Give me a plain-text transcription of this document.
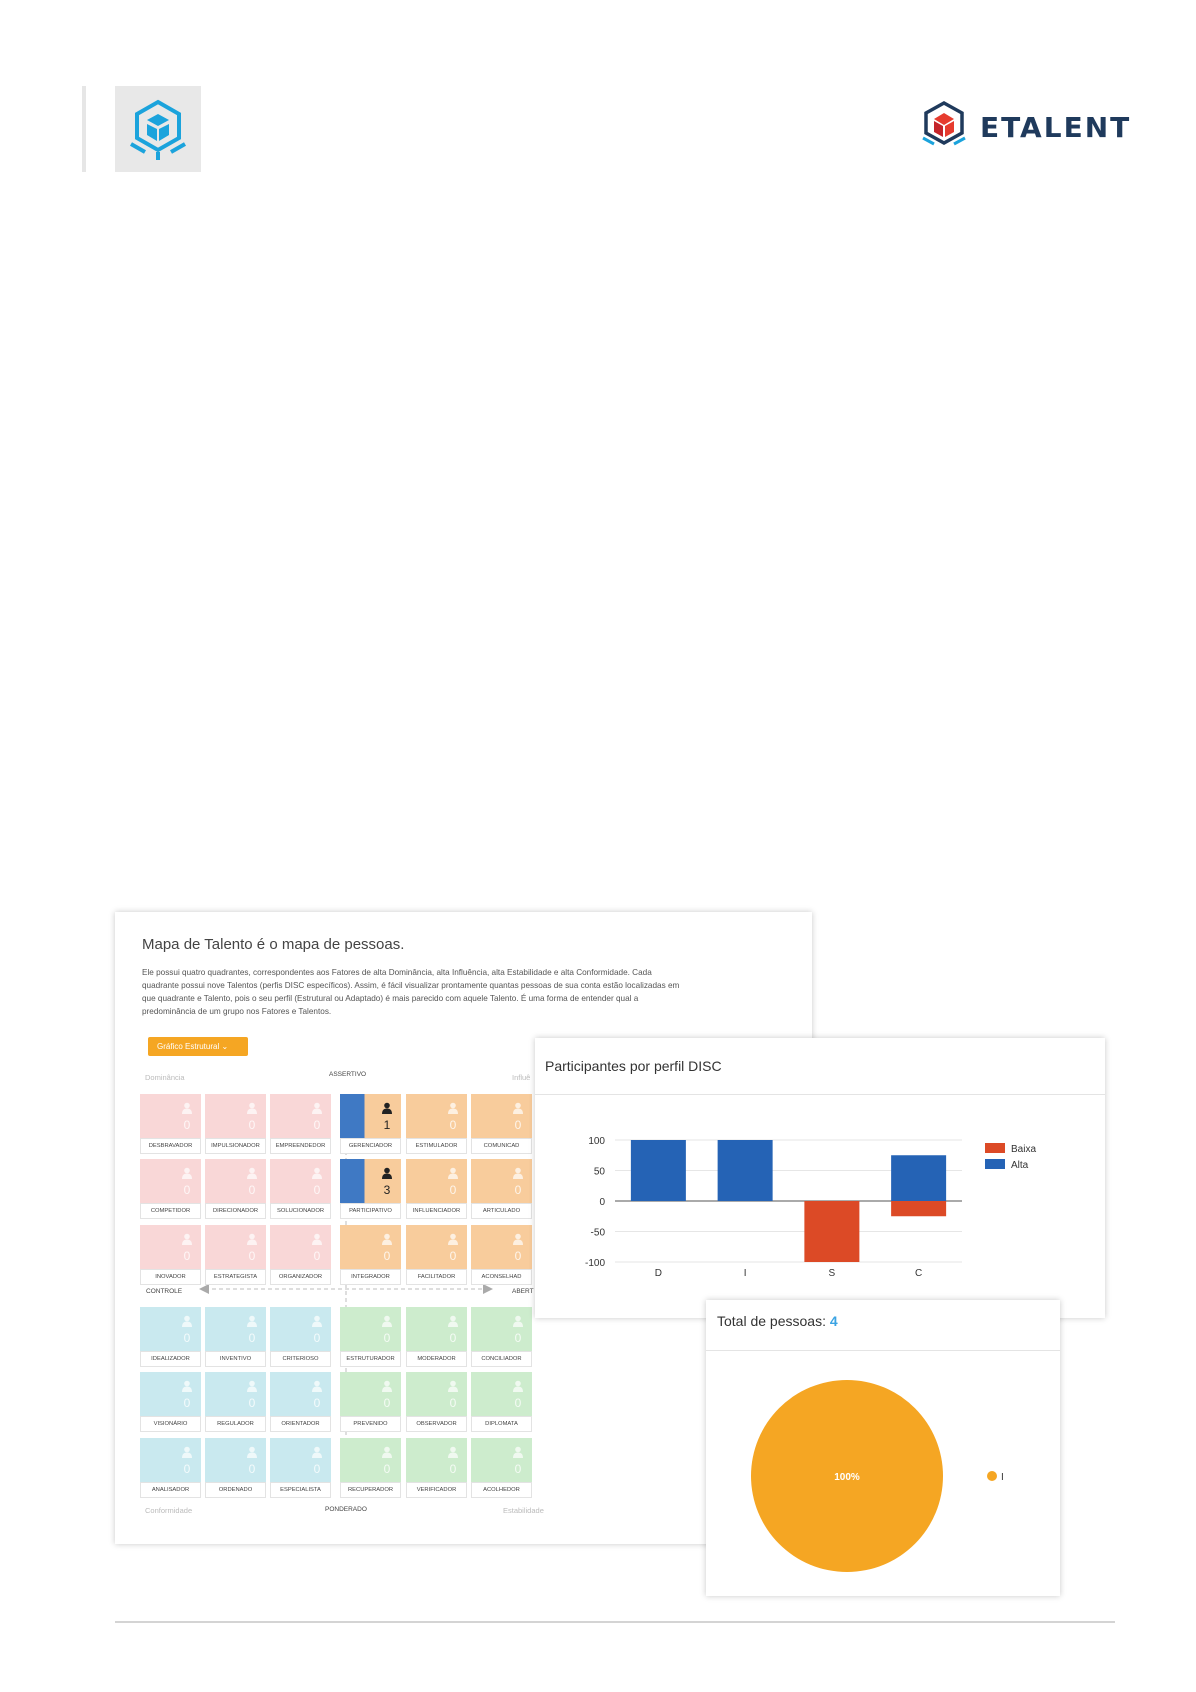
ETALENT
Mapa de Talento é o mapa de pessoas.
Ele possui quatro quadrantes, correspondentes aos Fatores de alta Dominância, alta Influência, alta Estabilidade e alta Conformidade. Cada quadrante possui nove Talentos (perfis DISC específicos). Assim, é fácil visualizar prontamente quantas pessoas de sua conta estão localizadas em que quadrante e Talento, pois o seu perfil (Estrutural ou Adaptado) é mais parecido com aquele Talento. É uma forma de entender qual a predominância de um grupo nos Fatores e Talentos.
Gráfico Estrutural ⌄
Dominância	Influê
Conformidade	Estabilidade
ASSERTIVO
PONDERADO
CONTROLE	ABERT
0
DESBRAVADOR
0
IMPULSIONADOR
0
EMPREENDEDOR
1
GERENCIADOR
0
ESTIMULADOR
0
COMUNICAD
0
COMPETIDOR
0
DIRECIONADOR
0
SOLUCIONADOR
3
PARTICIPATIVO
0
INFLUENCIADOR
0
ARTICULADO
0
INOVADOR
0
ESTRATEGISTA
0
ORGANIZADOR
0
INTEGRADOR
0
FACILITADOR
0
ACONSELHAD
0
IDEALIZADOR
0
INVENTIVO
0
CRITERIOSO
0
ESTRUTURADOR
0
MODERADOR
0
CONCILIADOR
0
VISIONÁRIO
0
REGULADOR
0
ORIENTADOR
0
PREVENIDO
0
OBSERVADOR
0
DIPLOMATA
0
ANALISADOR
0
ORDENADO
0
ESPECIALISTA
0
RECUPERADOR
0
VERIFICADOR
0
ACOLHEDOR
Participantes por perfil DISC
100
50
0
-50
-100
D	I	S	C
Baixa
Alta
Total de pessoas: 4
100%	I
